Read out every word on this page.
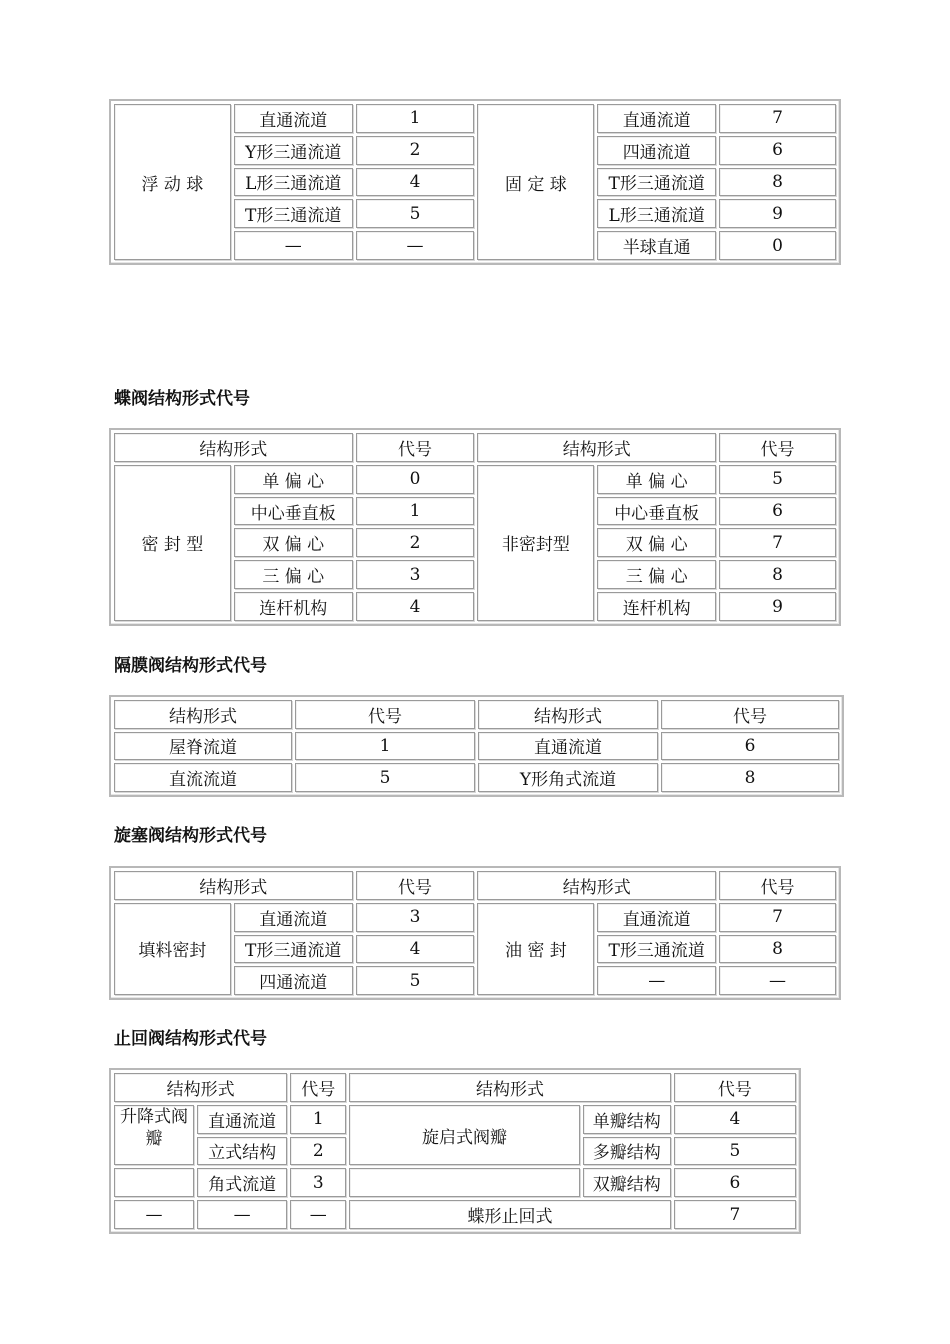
浮 动 球	直通流道	1	固 定 球	直通流道	7
	Y形三通流道	2		四通流道	6
	L形三通流道	4		T形三通流道	8
	T形三通流道	5		L形三通流道	9
	—	—		半球直通	0
蝶阀结构形式代号
结构形式		代号	结构形式		代号
密 封 型	单 偏 心	0	非密封型	单 偏 心	5
	中心垂直板	1		中心垂直板	6
	双 偏 心	2		双 偏 心	7
	三 偏 心	3		三 偏 心	8
	连杆机构	4		连杆机构	9
隔膜阀结构形式代号
结构形式	代号	结构形式	代号
屋脊流道	1	直通流道	6
直流流道	5	Y形角式流道	8
旋塞阀结构形式代号
结构形式		代号	结构形式		代号
填料密封	直通流道	3	油 密 封	直通流道	7
	T形三通流道	4		T形三通流道	8
	四通流道	5		—	—
止回阀结构形式代号
结构形式		代号	结构形式		代号
升降式阀瓣	直通流道	1	旋启式阀瓣	单瓣结构	4
	立式结构	2		多瓣结构	5
	角式流道	3		双瓣结构	6
—	—	—	蝶形止回式		7
